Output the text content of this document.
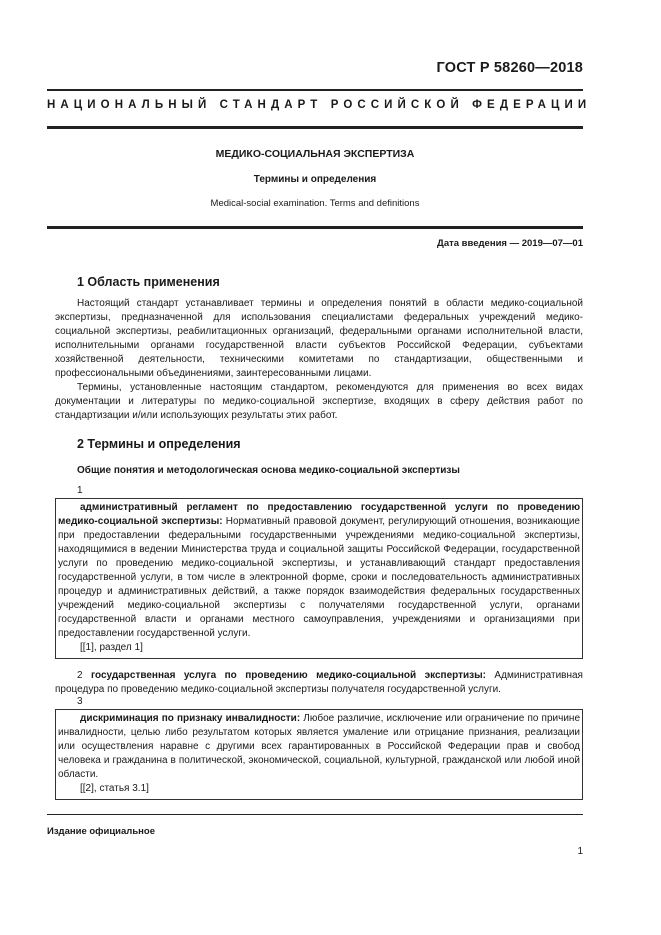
ГОСТ Р 58260—2018
НАЦИОНАЛЬНЫЙ СТАНДАРТ РОССИЙСКОЙ ФЕДЕРАЦИИ
МЕДИКО-СОЦИАЛЬНАЯ ЭКСПЕРТИЗА
Термины и определения
Medical-social examination. Terms and definitions
Дата введения — 2019—07—01
1 Область применения

Настоящий стандарт устанавливает термины и определения понятий в области медико-социальной экспертизы, предназначенной для использования специалистами федеральных учреждений медико-социальной экспертизы, реабилитационных организаций, федеральными органами исполнительной власти, исполнительными органами государственной власти субъектов Российской Федерации, субъектами хозяйственной деятельности, техническими комитетами по стандартизации, общественными и профессиональными объединениями, заинтересованными лицами.

Термины, установленные настоящим стандартом, рекомендуются для применения во всех видах документации и литературы по медико-социальной экспертизе, входящих в сферу действия работ по стандартизации и/или использующих результаты этих работ.

2 Термины и определения
Общие понятия и методологическая основа медико-социальной экспертизы
1

административный регламент по предоставлению государственной услуги по проведению медико-социальной экспертизы: Нормативный правовой документ, регулирующий отношения, возникающие при предоставлении федеральными государственными учреждениями медико-социальной экспертизы, находящимися в ведении Министерства труда и социальной защиты Российской Федерации, государственной услуги по проведению медико-социальной экспертизы, и устанавливающий стандарт предоставления государственной услуги, в том числе в электронной форме, сроки и последовательность административных процедур и административных действий, а также порядок взаимодействия федеральных государственных учреждений медико-социальной экспертизы с получателями государственной услуги, органами государственной власти и органами местного самоуправления, учреждениями и организациями при предоставлении государственной услуги.

[[1], раздел 1]

2 государственная услуга по проведению медико-социальной экспертизы: Административная процедура по проведению медико-социальной экспертизы получателя государственной услуги.

3

дискриминация по признаку инвалидности: Любое различие, исключение или ограничение по причине инвалидности, целью либо результатом которых является умаление или отрицание признания, реализации или осуществления наравне с другими всех гарантированных в Российской Федерации прав и свобод человека и гражданина в политической, экономической, социальной, культурной, гражданской или любой иной области.

[[2], статья 3.1]

Издание официальное
1
